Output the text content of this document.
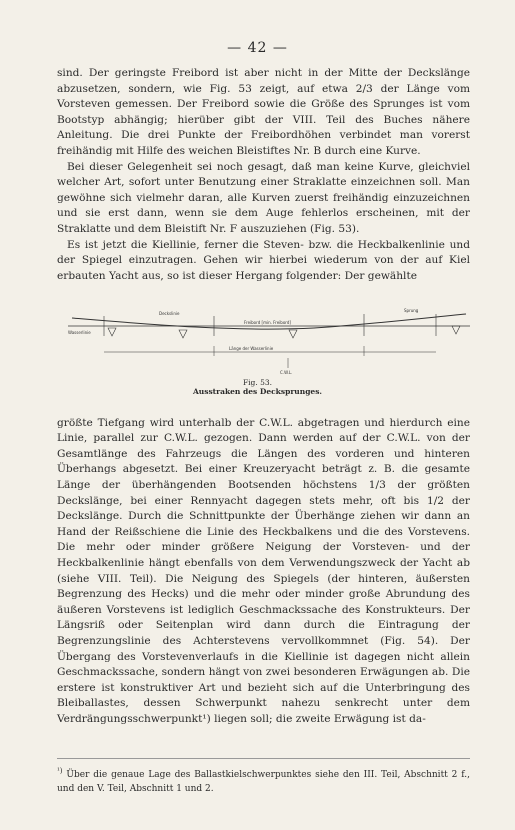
— 42 —

sind. Der geringste Freibord ist aber nicht in der Mitte der Deckslänge abzusetzen, sondern, wie Fig. 53 zeigt, auf etwa 2/3 der Länge vom Vorsteven gemessen. Der Freibord sowie die Größe des Sprunges ist vom Bootstyp abhängig; hierüber gibt der VIII. Teil des Buches nähere Anleitung. Die drei Punkte der Freibordhöhen verbindet man vorerst freihändig mit Hilfe des weichen Bleistiftes Nr. B durch eine Kurve.

Bei dieser Gelegenheit sei noch gesagt, daß man keine Kurve, gleichviel welcher Art, sofort unter Benutzung einer Straklatte einzeichnen soll. Man gewöhne sich vielmehr daran, alle Kurven zuerst freihändig einzuzeichnen und sie erst dann, wenn sie dem Auge fehlerlos erscheinen, mit der Straklatte und dem Bleistift Nr. F auszuziehen (Fig. 53).

Es ist jetzt die Kiellinie, ferner die Steven- bzw. die Heckbalkenlinie und der Spiegel einzutragen. Gehen wir hierbei wiederum von der auf Kiel erbauten Yacht aus, so ist dieser Hergang folgender: Der gewählte

Deckslinie
Freibord [min. Freibord]
Sprung
Wasserlinie
Länge der Wasserlinie
C.W.L.
Fig. 53.
Ausstraken des Decksprunges.

größte Tiefgang wird unterhalb der C.W.L. abgetragen und hierdurch eine Linie, parallel zur C.W.L. gezogen. Dann werden auf der C.W.L. von der Gesamtlänge des Fahrzeugs die Längen des vorderen und hinteren Überhangs abgesetzt. Bei einer Kreuzeryacht beträgt z. B. die gesamte Länge der überhängenden Bootsenden höchstens 1/3 der größten Deckslänge, bei einer Rennyacht dagegen stets mehr, oft bis 1/2 der Deckslänge. Durch die Schnittpunkte der Überhänge ziehen wir dann an Hand der Reißschiene die Linie des Heckbalkens und die des Vorstevens. Die mehr oder minder größere Neigung der Vorsteven- und der Heckbalkenlinie hängt ebenfalls von dem Verwendungszweck der Yacht ab (siehe VIII. Teil). Die Neigung des Spiegels (der hinteren, äußersten Begrenzung des Hecks) und die mehr oder minder große Abrundung des äußeren Vorstevens ist lediglich Geschmackssache des Konstrukteurs. Der Längsriß oder Seitenplan wird dann durch die Eintragung der Begrenzungslinie des Achterstevens vervollkommnet (Fig. 54). Der Übergang des Vorstevenverlaufs in die Kiellinie ist dagegen nicht allein Geschmackssache, sondern hängt von zwei besonderen Erwägungen ab. Die erstere ist konstruktiver Art und bezieht sich auf die Unterbringung des Bleiballastes, dessen Schwerpunkt nahezu senkrecht unter dem Verdrängungsschwerpunkt¹) liegen soll; die zweite Erwägung ist da-

$^{^1)}$ Über die genaue Lage des Ballastkielschwerpunktes siehe den III. Teil, Abschnitt 2 f., und den V. Teil, Abschnitt 1 und 2.
